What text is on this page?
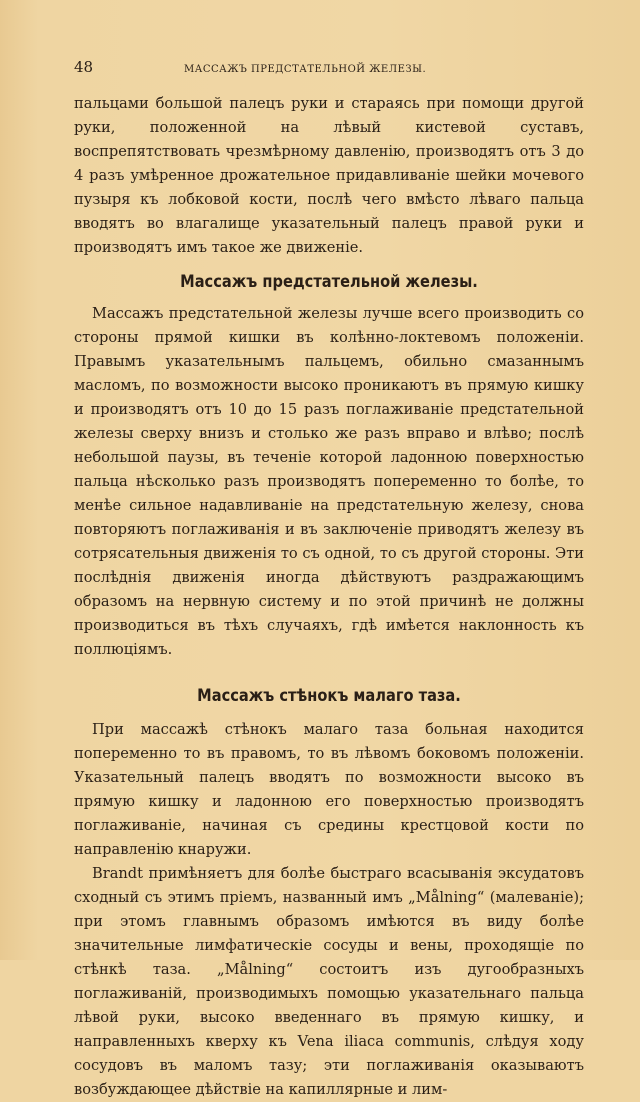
48	МАССАЖЪ ПРЕДСТАТЕЛЬНОЙ ЖЕЛЕЗЫ.

пальцами большой палецъ руки и стараясь при помощи другой руки, положенной на лѣвый кистевой суставъ, воспрепятствовать чрезмѣрному давленiю, производятъ отъ 3 до 4 разъ умѣренное дрожательное придавливанiе шейки мочевого пузыря къ лобковой кости, послѣ чего вмѣсто лѣваго пальца вводятъ во влагалище указательный палецъ правой руки и производятъ имъ такое же движенiе.

Массажъ предстательной железы.

Массажъ предстательной железы лучше всего производить со стороны прямой кишки въ колѣнно-локтевомъ положенiи. Правымъ указательнымъ пальцемъ, обильно смазаннымъ масломъ, по возможности высоко проникаютъ въ прямую кишку и производятъ отъ 10 до 15 разъ поглаживанiе предстательной железы сверху внизъ и столько же разъ вправо и влѣво; послѣ небольшой паузы, въ теченiе которой ладонною поверхностью пальца нѣсколько разъ производятъ попеременно то болѣе, то менѣе сильное надавливанiе на предстательную железу, снова повторяютъ поглаживанiя и въ заключенiе приводятъ железу въ сотрясательныя движенiя то съ одной, то съ другой стороны. Эти послѣднiя движенiя иногда дѣйствуютъ раздражающимъ образомъ на нервную систему и по этой причинѣ не должны производиться въ тѣхъ случаяхъ, гдѣ имѣется наклонность къ поллюцiямъ.

Массажъ стѣнокъ малаго таза.

При массажѣ стѣнокъ малаго таза больная находится попеременно то въ правомъ, то въ лѣвомъ боковомъ положенiи. Указательный палецъ вводятъ по возможности высоко въ прямую кишку и ладонною его поверхностью производятъ поглаживанiе, начиная съ средины крестцовой кости по направленiю кнаружи.

Brandt примѣняетъ для болѣе быстраго всасыванiя эксудатовъ сходный съ этимъ прiемъ, названный имъ „Målning“ (малеванiе); при этомъ главнымъ образомъ имѣются въ виду болѣе значительные лимфатическiе сосуды и вены, проходящiе по стѣнкѣ таза. „Målning“ состоитъ изъ дугообразныхъ поглаживанiй, производимыхъ помощью указательнаго пальца лѣвой руки, высоко введеннаго въ прямую кишку, и направленныхъ кверху къ Vena iliaca communis, слѣдуя ходу сосудовъ въ маломъ тазу; эти поглаживанiя оказываютъ возбуждающее дѣйствiе на капиллярные и лим-
